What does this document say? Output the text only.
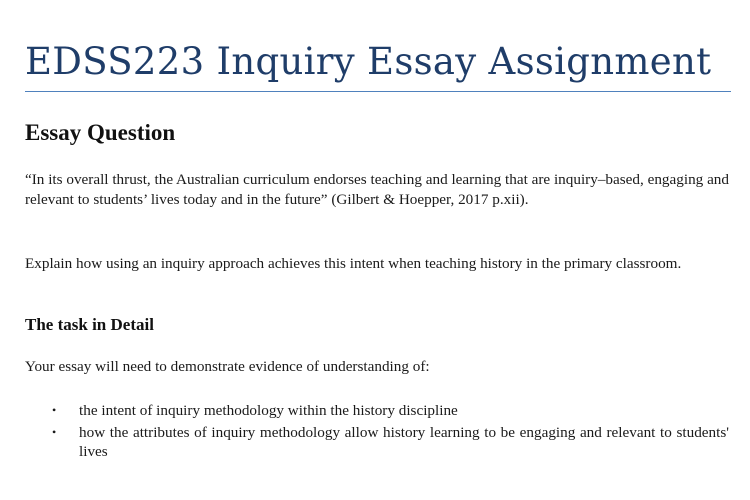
EDSS223 Inquiry Essay Assignment
Essay Question

“In its overall thrust, the Australian curriculum endorses teaching and learning that are inquiry–based, engaging and relevant to students’ lives today and in the future” (Gilbert & Hoepper, 2017 p.xii).

Explain how using an inquiry approach achieves this intent when teaching history in the primary classroom.

The task in Detail

Your essay will need to demonstrate evidence of understanding of:

• the intent of inquiry methodology within the history discipline
• how the attributes of inquiry methodology allow history learning to be engaging and relevant to students' lives
